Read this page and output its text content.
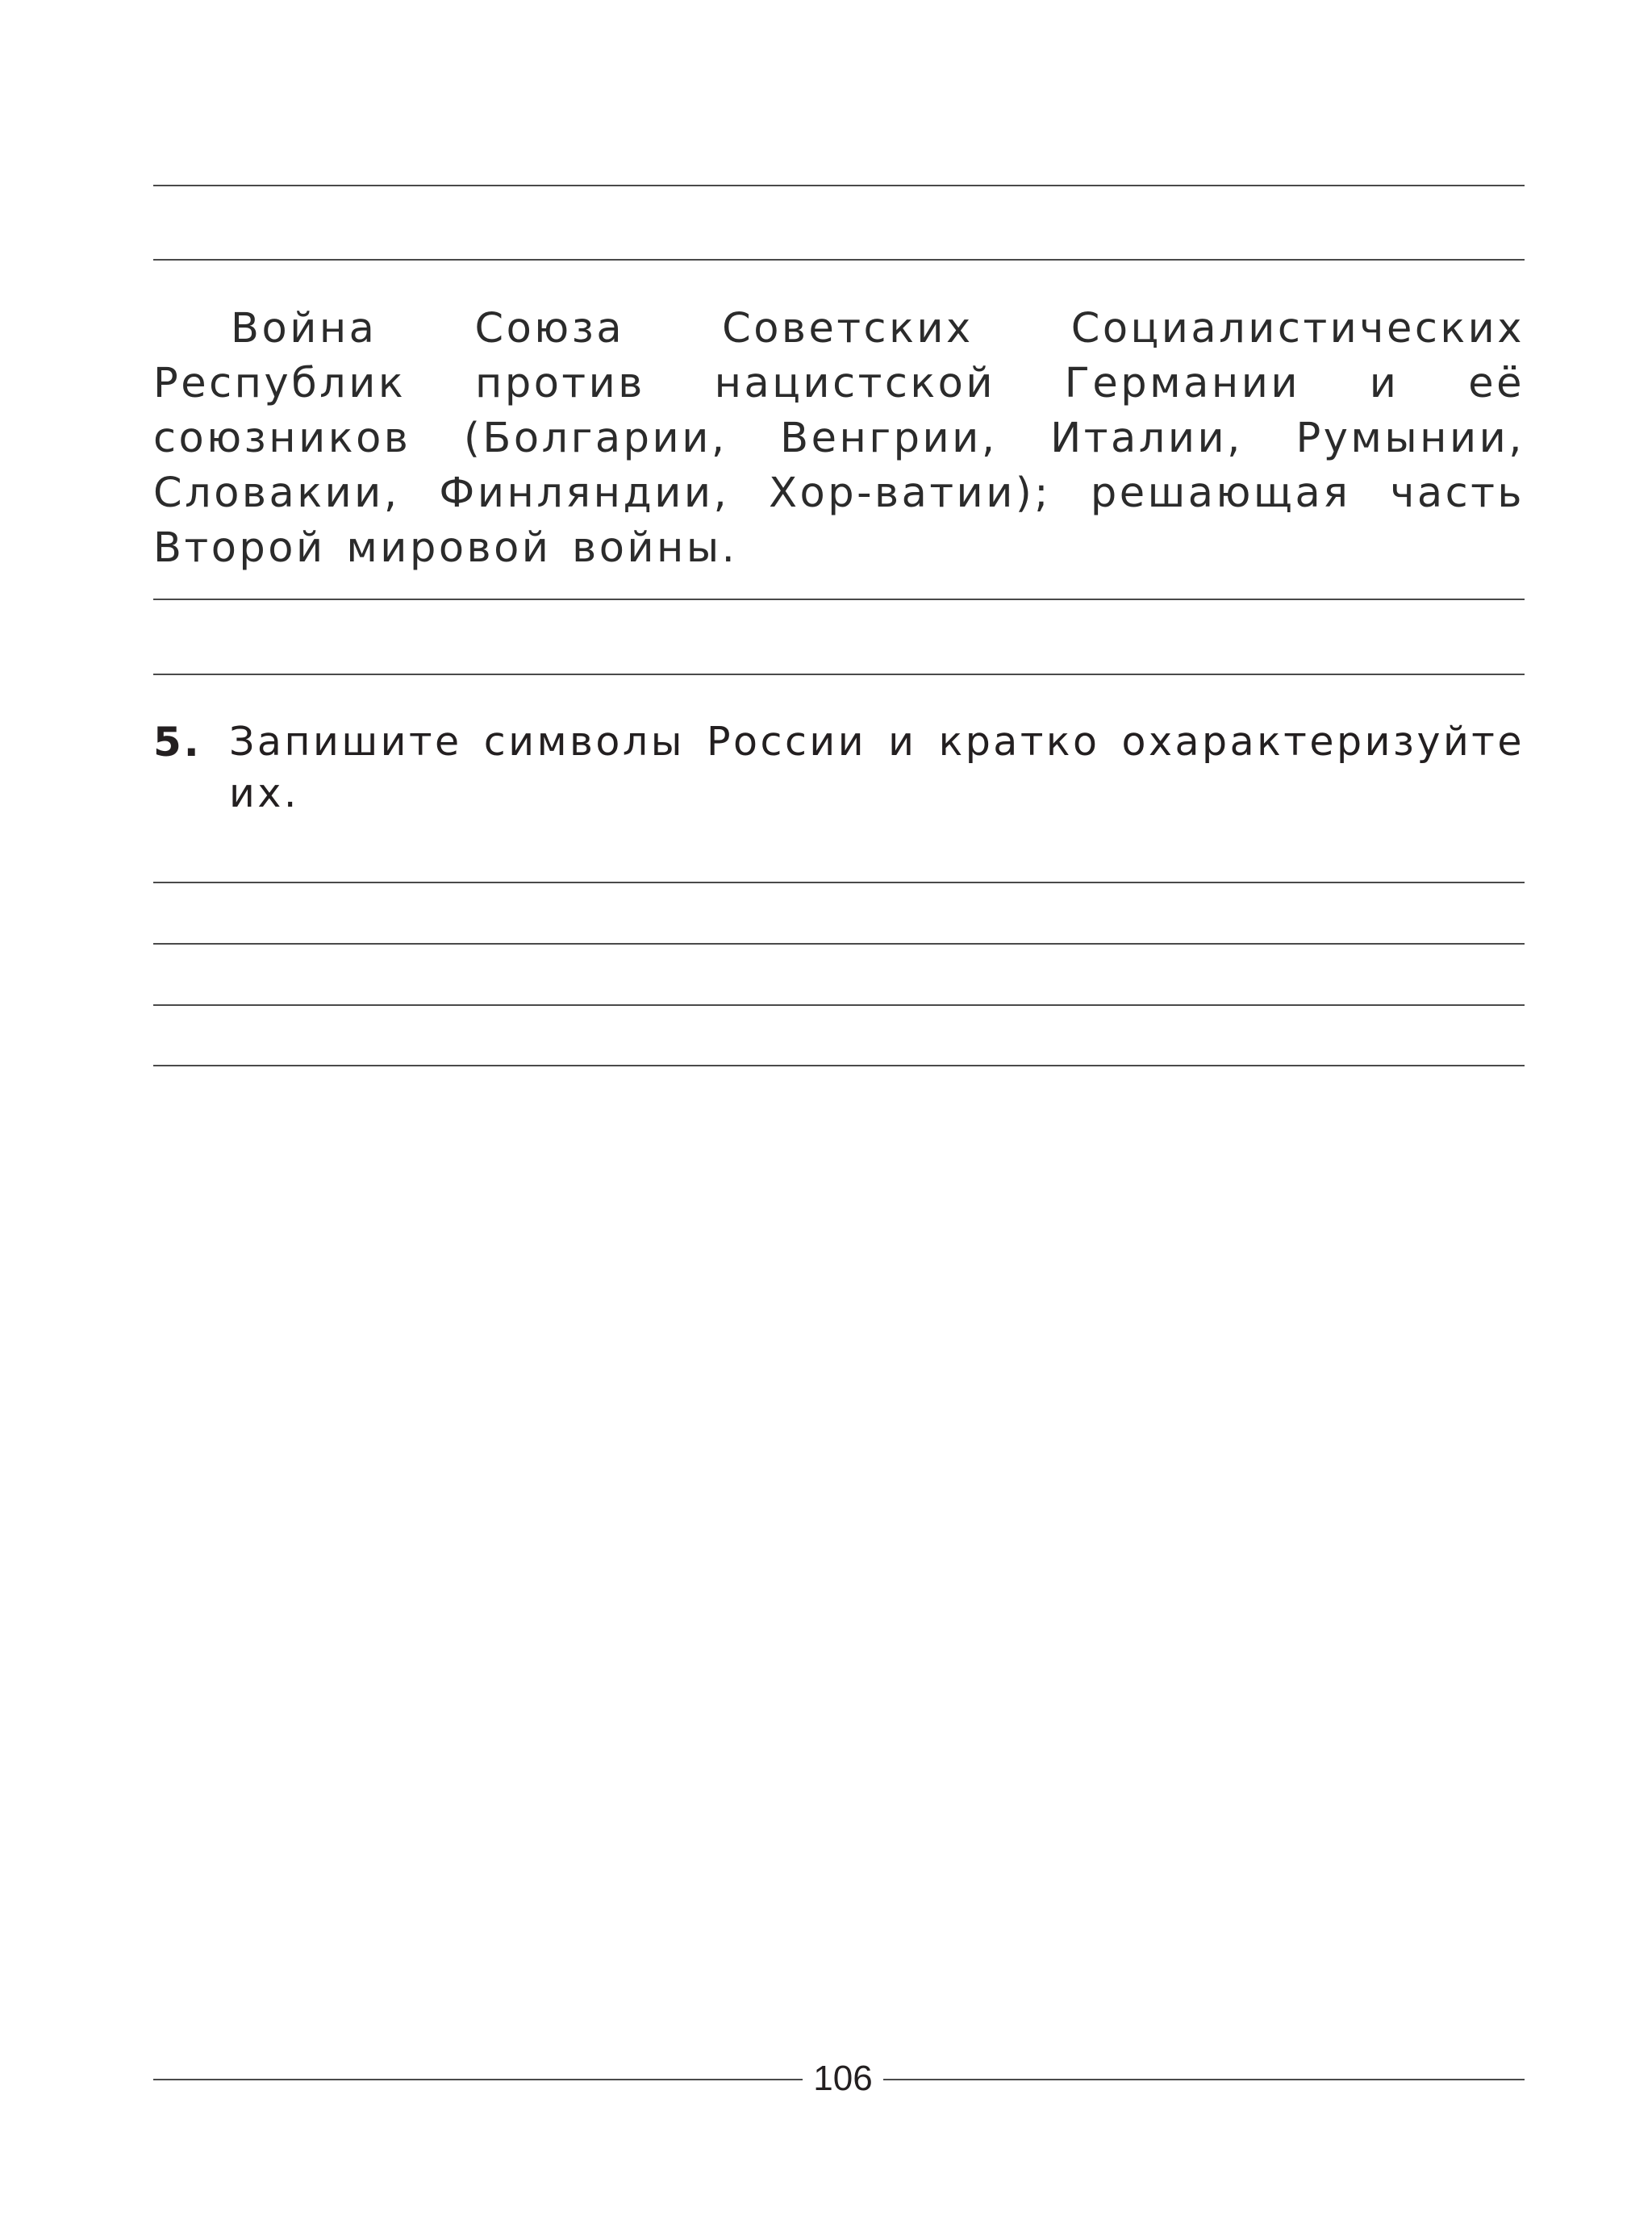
Война Союза Советских Социалистических Республик против нацистской Германии и её союзников (Болгарии, Венгрии, Италии, Румынии, Словакии, Финляндии, Хор-ватии); решающая часть Второй мировой войны.

5. Запишите символы России и кратко охарактеризуйте их.

106
